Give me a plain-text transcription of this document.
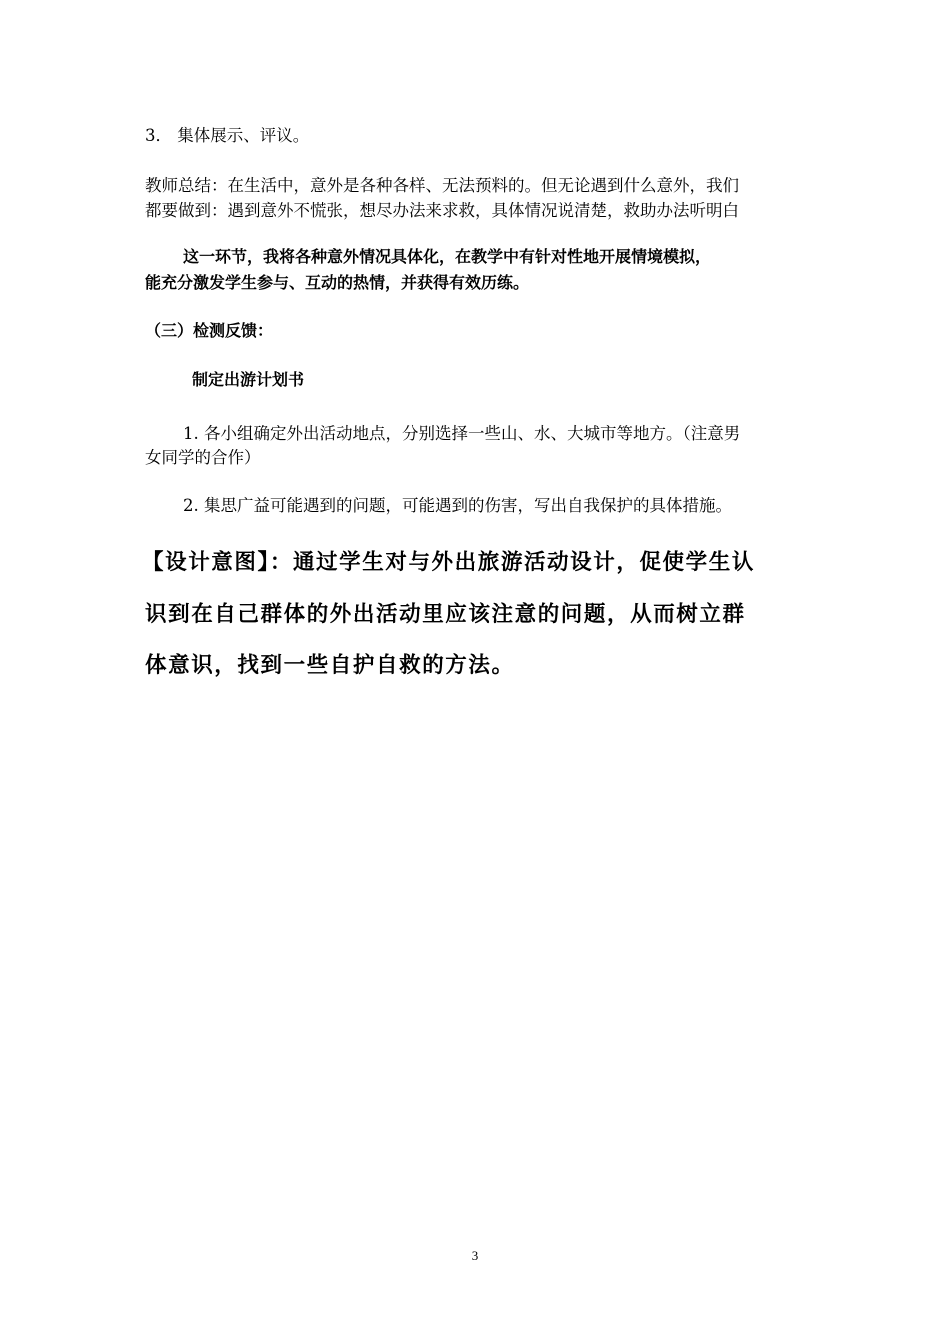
3． 集体展示、评议。

教师总结：在生活中，意外是各种各样、无法预料的。但无论遇到什么意外，我们

都要做到：遇到意外不慌张，想尽办法来求救，具体情况说清楚，救助办法听明白

这一环节，我将各种意外情况具体化，在教学中有针对性地开展情境模拟，

能充分激发学生参与、互动的热情，并获得有效历练。

（三）检测反馈：

制定出游计划书

1. 各小组确定外出活动地点，分别选择一些山、水、大城市等地方。（注意男

女同学的合作）

2. 集思广益可能遇到的问题，可能遇到的伤害，写出自我保护的具体措施。

【设计意图】：通过学生对与外出旅游活动设计，促使学生认

识到在自己群体的外出活动里应该注意的问题，从而树立群

体意识，找到一些自护自救的方法。

3
